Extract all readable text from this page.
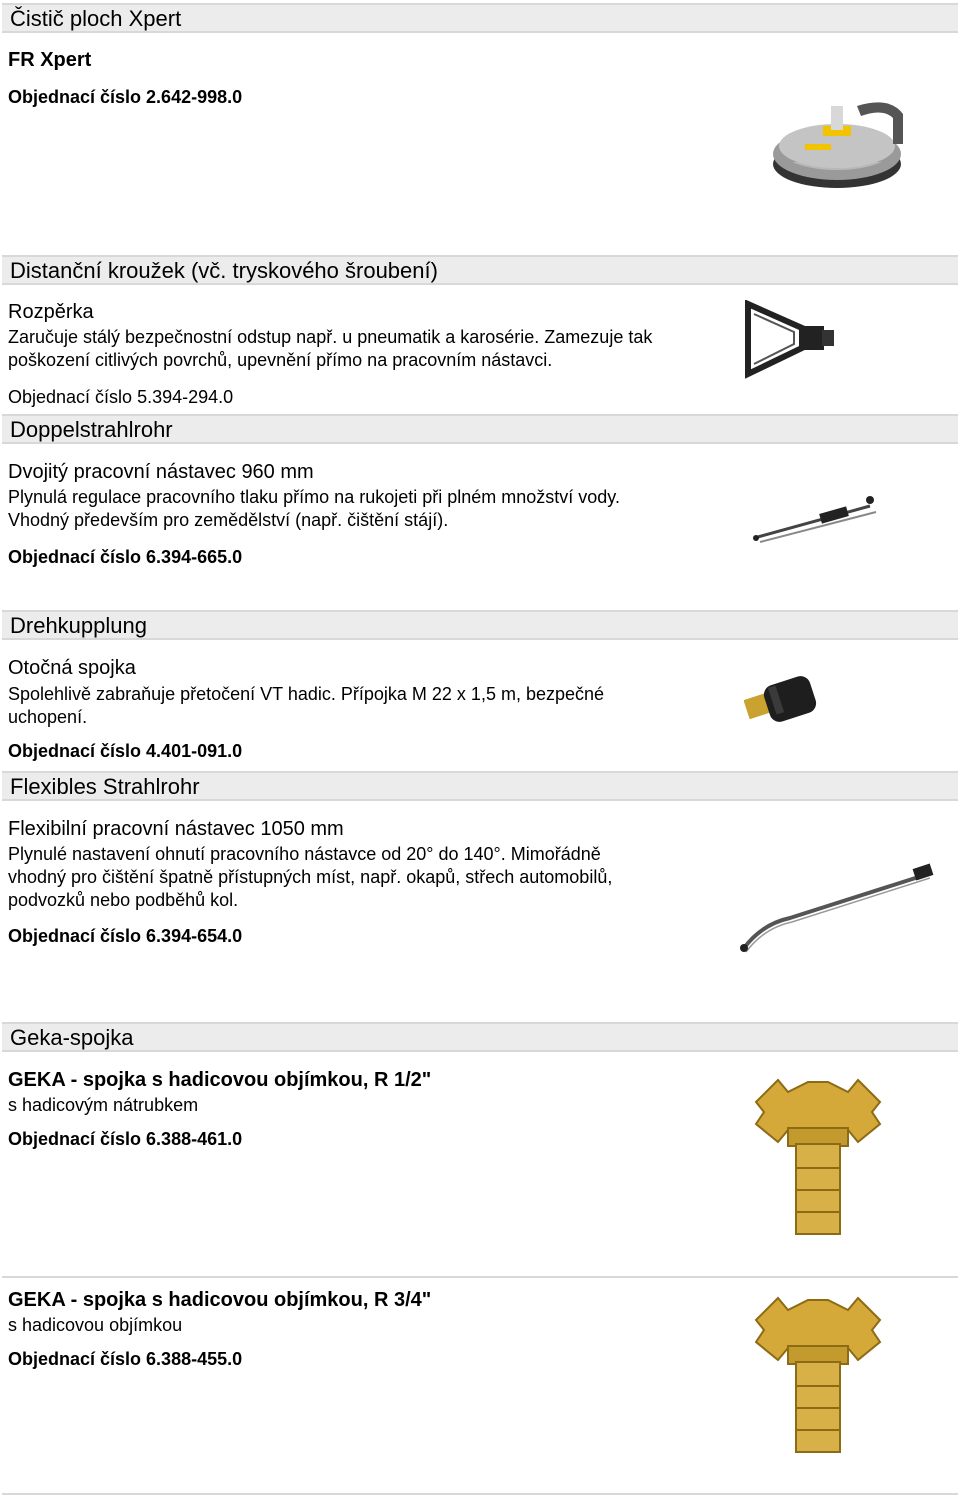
Čistič ploch Xpert
FR Xpert
Objednací číslo 2.642-998.0
Distanční kroužek (vč. tryskového šroubení)
Rozpěrka
Zaručuje stálý bezpečnostní odstup např. u pneumatik a karosérie. Zamezuje tak
poškození citlivých povrchů, upevnění přímo na pracovním nástavci.
Objednací číslo 5.394-294.0
Doppelstrahlrohr
Dvojitý pracovní nástavec 960 mm
Plynulá regulace pracovního tlaku přímo na rukojeti při plném množství vody.
Vhodný především pro zemědělství (např. čištění stájí).
Objednací číslo 6.394-665.0
Drehkupplung
Otočná spojka
Spolehlivě zabraňuje přetočení VT hadic. Přípojka M 22 x 1,5 m, bezpečné
uchopení.
Objednací číslo 4.401-091.0
Flexibles Strahlrohr
Flexibilní pracovní nástavec 1050 mm
Plynulé nastavení ohnutí pracovního nástavce od 20° do 140°. Mimořádně
vhodný pro čištění špatně přístupných míst, např. okapů, střech automobilů,
podvozků nebo podběhů kol.
Objednací číslo 6.394-654.0
Geka-spojka
GEKA - spojka s hadicovou objímkou, R 1/2"
s hadicovým nátrubkem
Objednací číslo 6.388-461.0
GEKA - spojka s hadicovou objímkou, R 3/4"
s hadicovou objímkou
Objednací číslo 6.388-455.0
